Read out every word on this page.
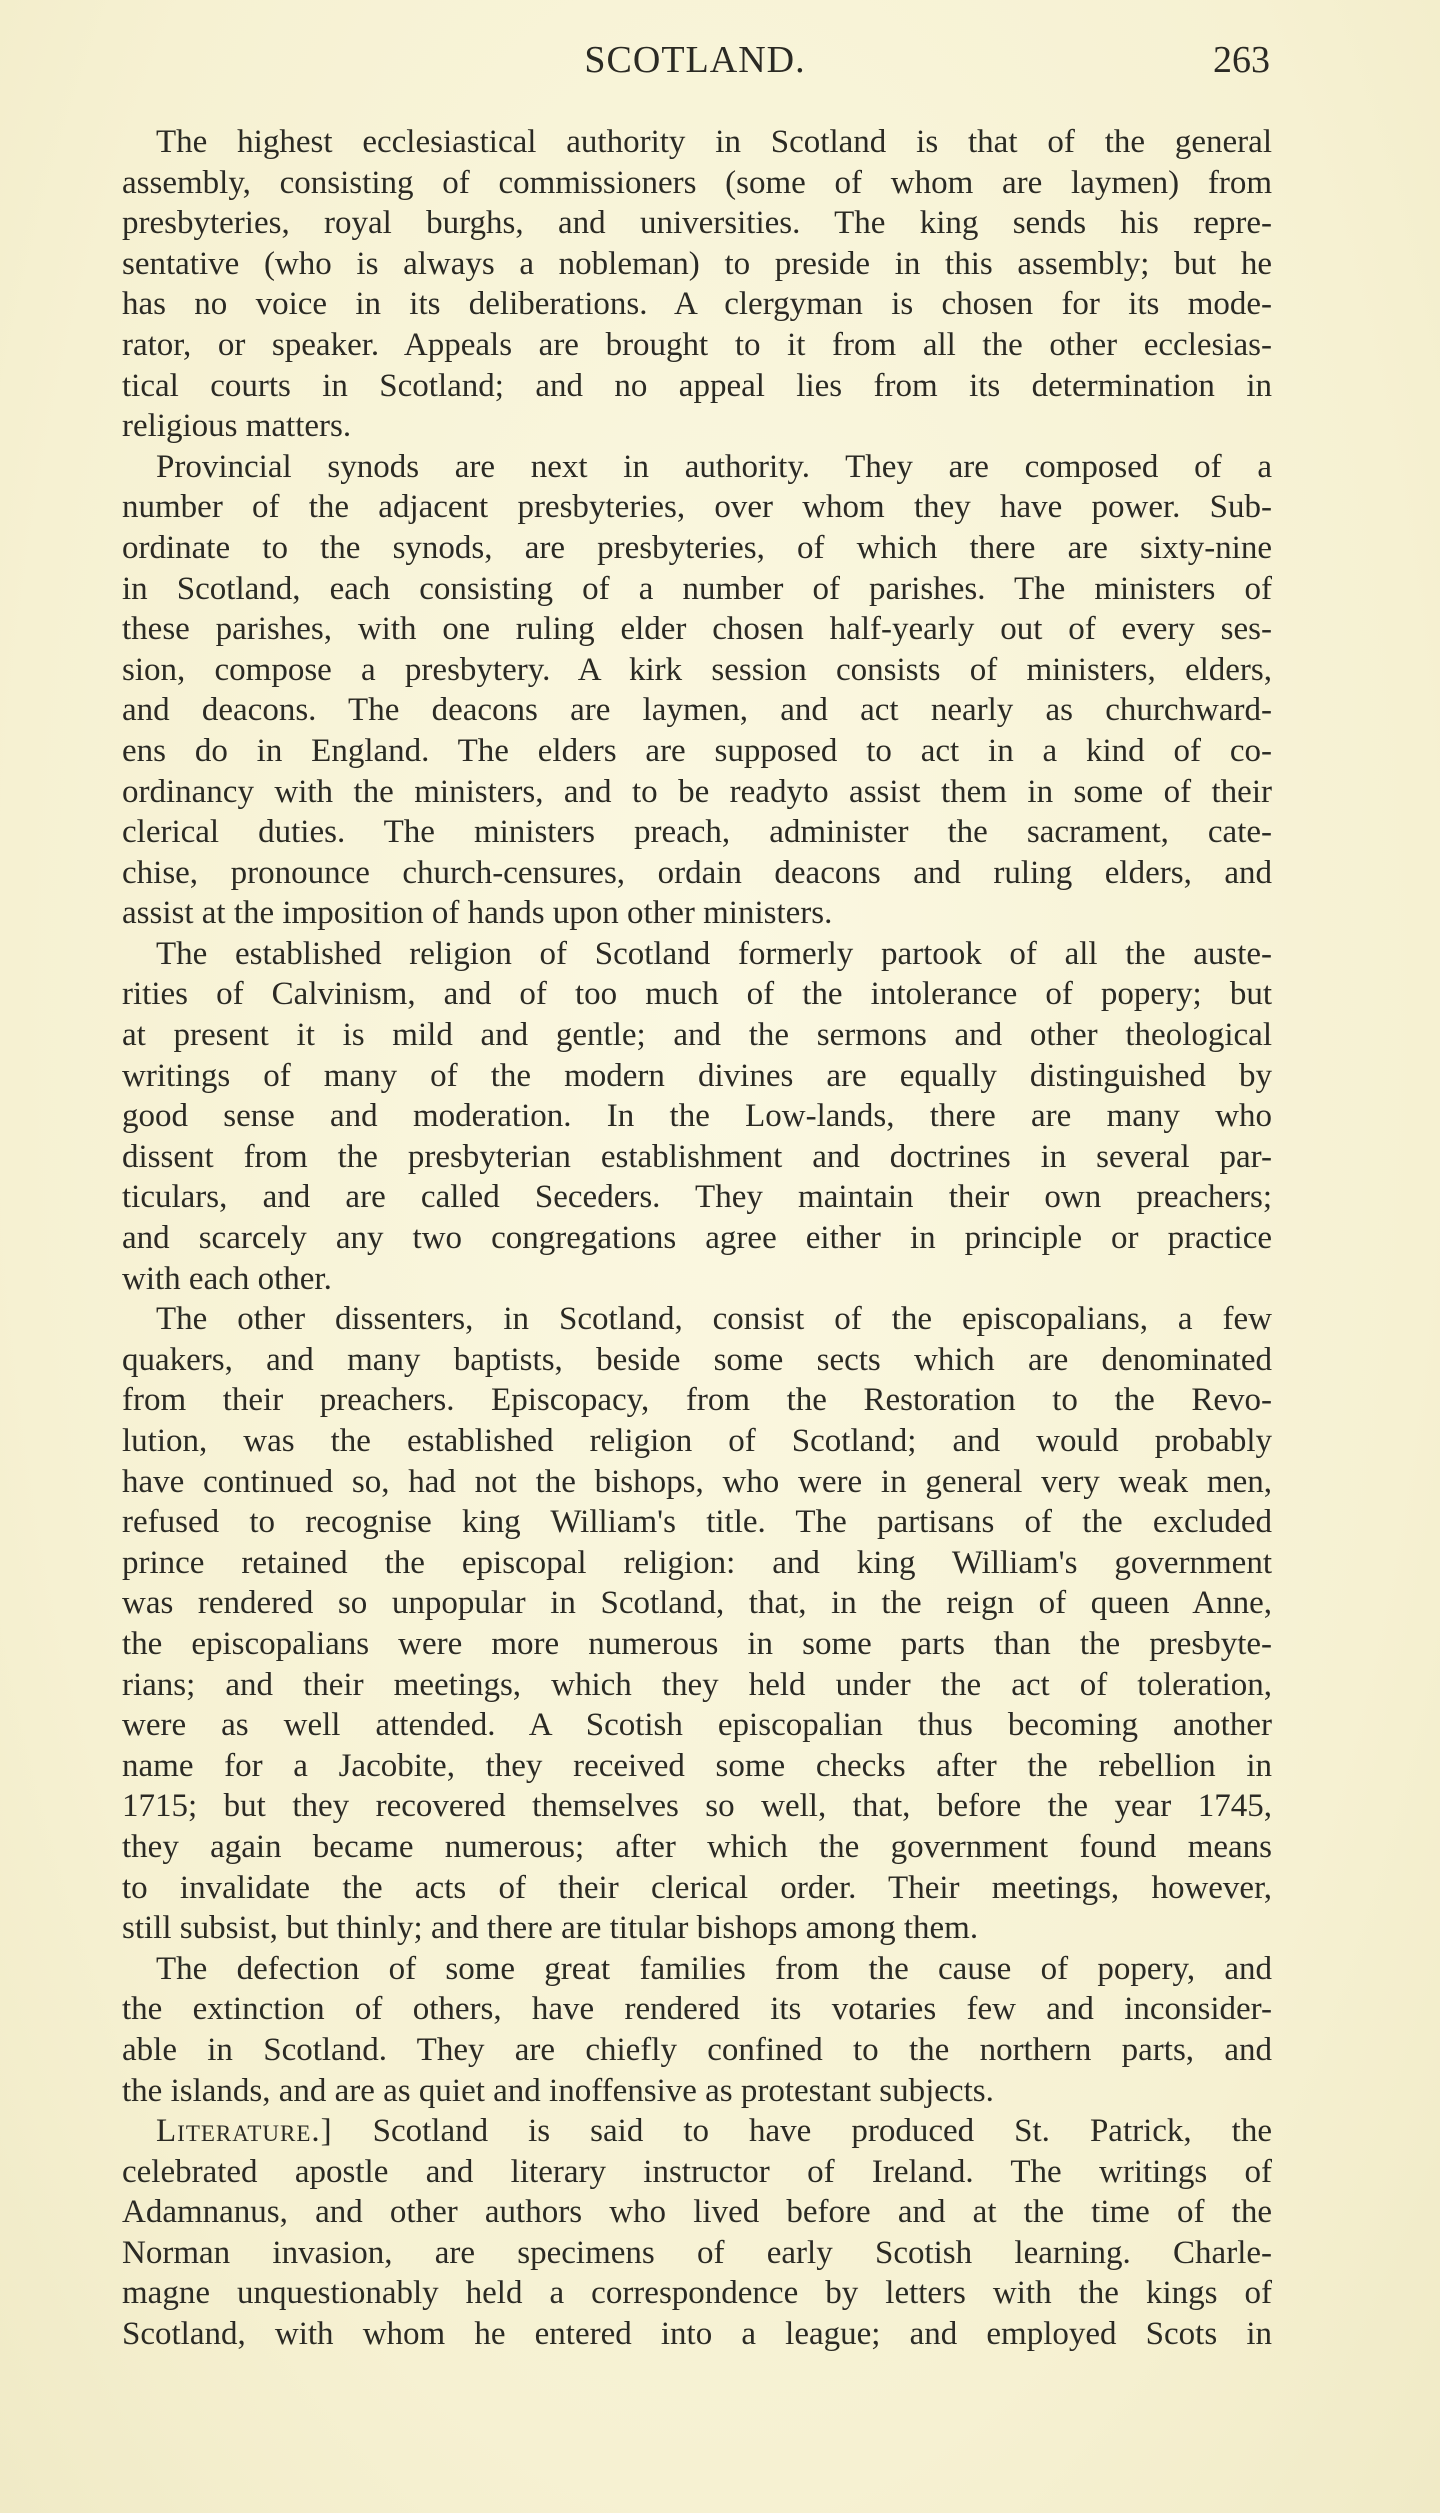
SCOTLAND.	263
The highest ecclesiastical authority in Scotland is that of the general
assembly, consisting of commissioners (some of whom are laymen) from
presbyteries, royal burghs, and universities. The king sends his repre-
sentative (who is always a nobleman) to preside in this assembly; but he
has no voice in its deliberations. A clergyman is chosen for its mode-
rator, or speaker. Appeals are brought to it from all the other ecclesias-
tical courts in Scotland; and no appeal lies from its determination in
religious matters.
Provincial synods are next in authority. They are composed of a
number of the adjacent presbyteries, over whom they have power. Sub-
ordinate to the synods, are presbyteries, of which there are sixty-nine
in Scotland, each consisting of a number of parishes. The ministers of
these parishes, with one ruling elder chosen half-yearly out of every ses-
sion, compose a presbytery. A kirk session consists of ministers, elders,
and deacons. The deacons are laymen, and act nearly as churchward-
ens do in England. The elders are supposed to act in a kind of co-
ordinancy with the ministers, and to be readyto assist them in some of their
clerical duties. The ministers preach, administer the sacrament, cate-
chise, pronounce church-censures, ordain deacons and ruling elders, and
assist at the imposition of hands upon other ministers.
The established religion of Scotland formerly partook of all the auste-
rities of Calvinism, and of too much of the intolerance of popery; but
at present it is mild and gentle; and the sermons and other theological
writings of many of the modern divines are equally distinguished by
good sense and moderation. In the Low-lands, there are many who
dissent from the presbyterian establishment and doctrines in several par-
ticulars, and are called Seceders. They maintain their own preachers;
and scarcely any two congregations agree either in principle or practice
with each other.
The other dissenters, in Scotland, consist of the episcopalians, a few
quakers, and many baptists, beside some sects which are denominated
from their preachers. Episcopacy, from the Restoration to the Revo-
lution, was the established religion of Scotland; and would probably
have continued so, had not the bishops, who were in general very weak men,
refused to recognise king William's title. The partisans of the excluded
prince retained the episcopal religion: and king William's government
was rendered so unpopular in Scotland, that, in the reign of queen Anne,
the episcopalians were more numerous in some parts than the presbyte-
rians; and their meetings, which they held under the act of toleration,
were as well attended. A Scotish episcopalian thus becoming another
name for a Jacobite, they received some checks after the rebellion in
1715; but they recovered themselves so well, that, before the year 1745,
they again became numerous; after which the government found means
to invalidate the acts of their clerical order. Their meetings, however,
still subsist, but thinly; and there are titular bishops among them.
The defection of some great families from the cause of popery, and
the extinction of others, have rendered its votaries few and inconsider-
able in Scotland. They are chiefly confined to the northern parts, and
the islands, and are as quiet and inoffensive as protestant subjects.
Literature.] Scotland is said to have produced St. Patrick, the
celebrated apostle and literary instructor of Ireland. The writings of
Adamnanus, and other authors who lived before and at the time of the
Norman invasion, are specimens of early Scotish learning. Charle-
magne unquestionably held a correspondence by letters with the kings of
Scotland, with whom he entered into a league; and employed Scots in
